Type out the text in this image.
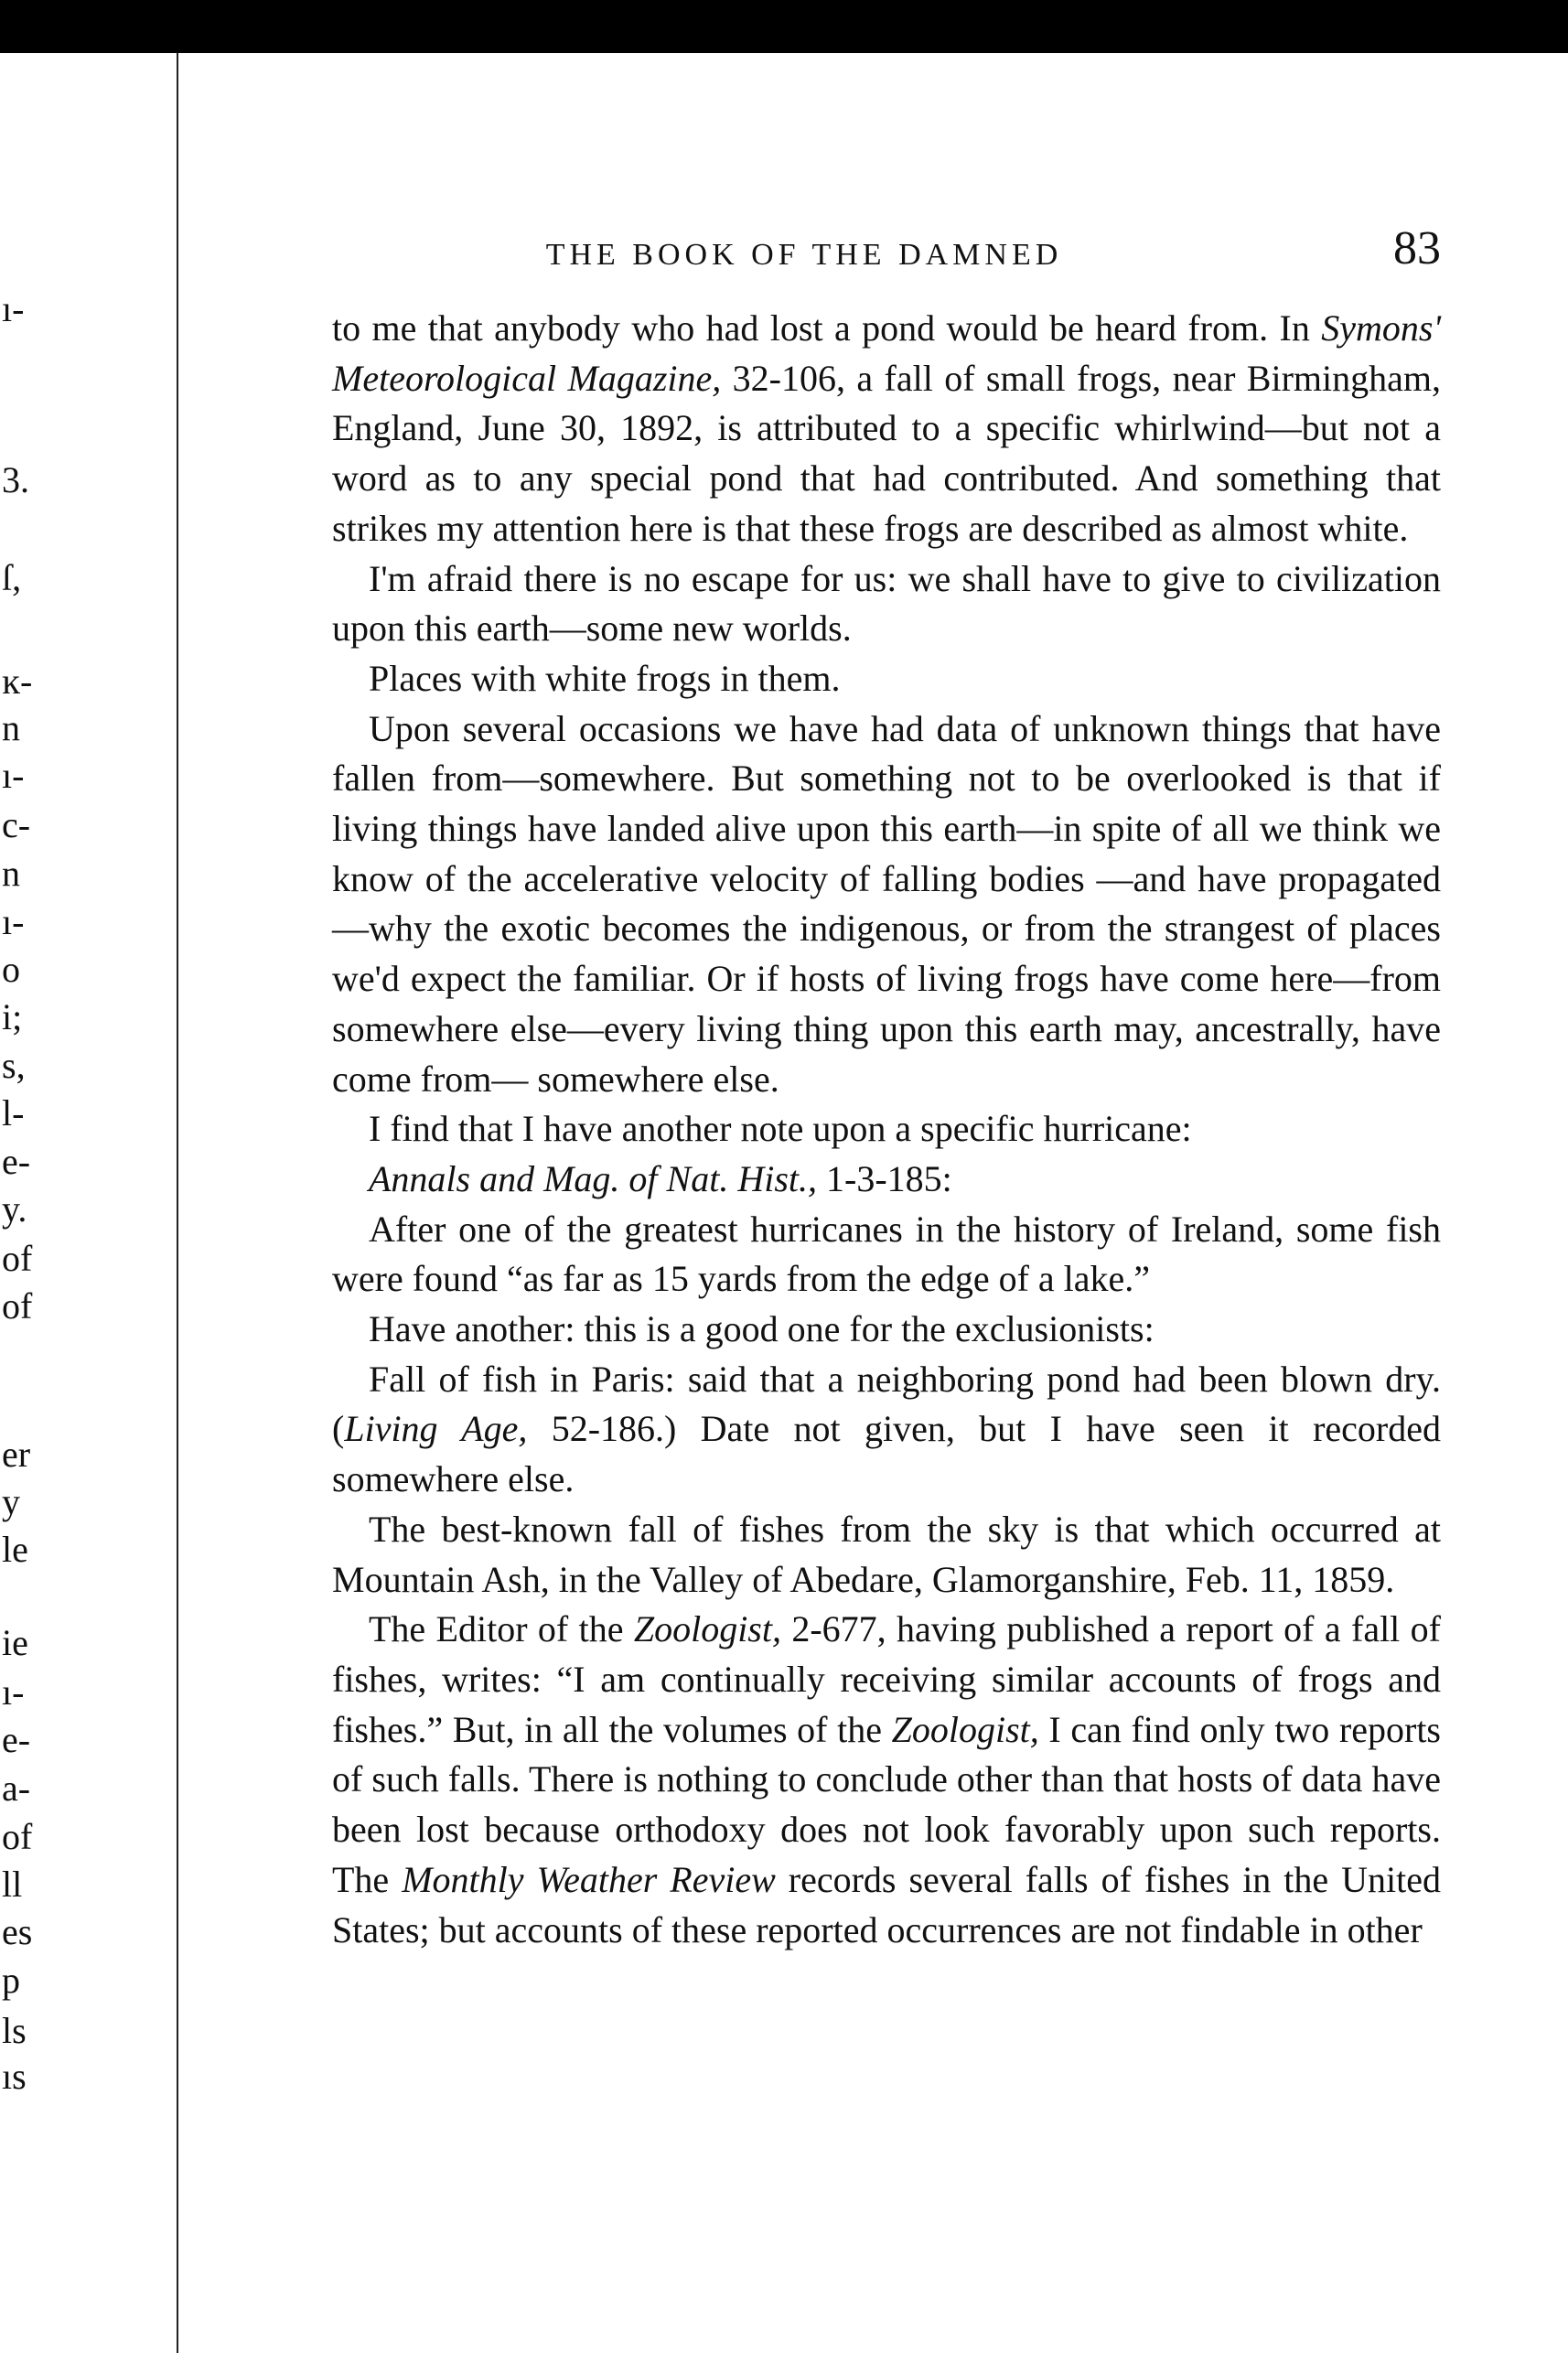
ı-
3.
ſ,
ĸ-
n
ı-
c-
n
ı-
o
i;
s,
l-
e-
y.
of
of
er
y
le
ie
ı-
e-
a-
of
ll
es
p
ls
ıs
THE BOOK OF THE DAMNED	83

to me that anybody who had lost a pond would be heard from. In Symons' Meteorological Magazine, 32-106, a fall of small frogs, near Birmingham, England, June 30, 1892, is attributed to a specific whirlwind—but not a word as to any special pond that had contributed. And something that strikes my attention here is that these frogs are described as almost white.

I'm afraid there is no escape for us: we shall have to give to civilization upon this earth—some new worlds.

Places with white frogs in them.

Upon several occasions we have had data of unknown things that have fallen from—somewhere. But something not to be overlooked is that if living things have landed alive upon this earth—in spite of all we think we know of the accelerative velocity of falling bodies —and have propagated—why the exotic becomes the indigenous, or from the strangest of places we'd expect the familiar. Or if hosts of living frogs have come here—from somewhere else—every living thing upon this earth may, ancestrally, have come from— somewhere else.

I find that I have another note upon a specific hurricane:

Annals and Mag. of Nat. Hist., 1-3-185:

After one of the greatest hurricanes in the history of Ireland, some fish were found “as far as 15 yards from the edge of a lake.”

Have another: this is a good one for the exclusionists:

Fall of fish in Paris: said that a neighboring pond had been blown dry. (Living Age, 52-186.) Date not given, but I have seen it recorded somewhere else.

The best-known fall of fishes from the sky is that which occurred at Mountain Ash, in the Valley of Abedare, Glamorganshire, Feb. 11, 1859.

The Editor of the Zoologist, 2-677, having published a report of a fall of fishes, writes: “I am continually receiving similar accounts of frogs and fishes.” But, in all the volumes of the Zoologist, I can find only two reports of such falls. There is nothing to conclude other than that hosts of data have been lost because orthodoxy does not look favorably upon such reports. The Monthly Weather Review records several falls of fishes in the United States; but accounts of these reported occurrences are not findable in other
